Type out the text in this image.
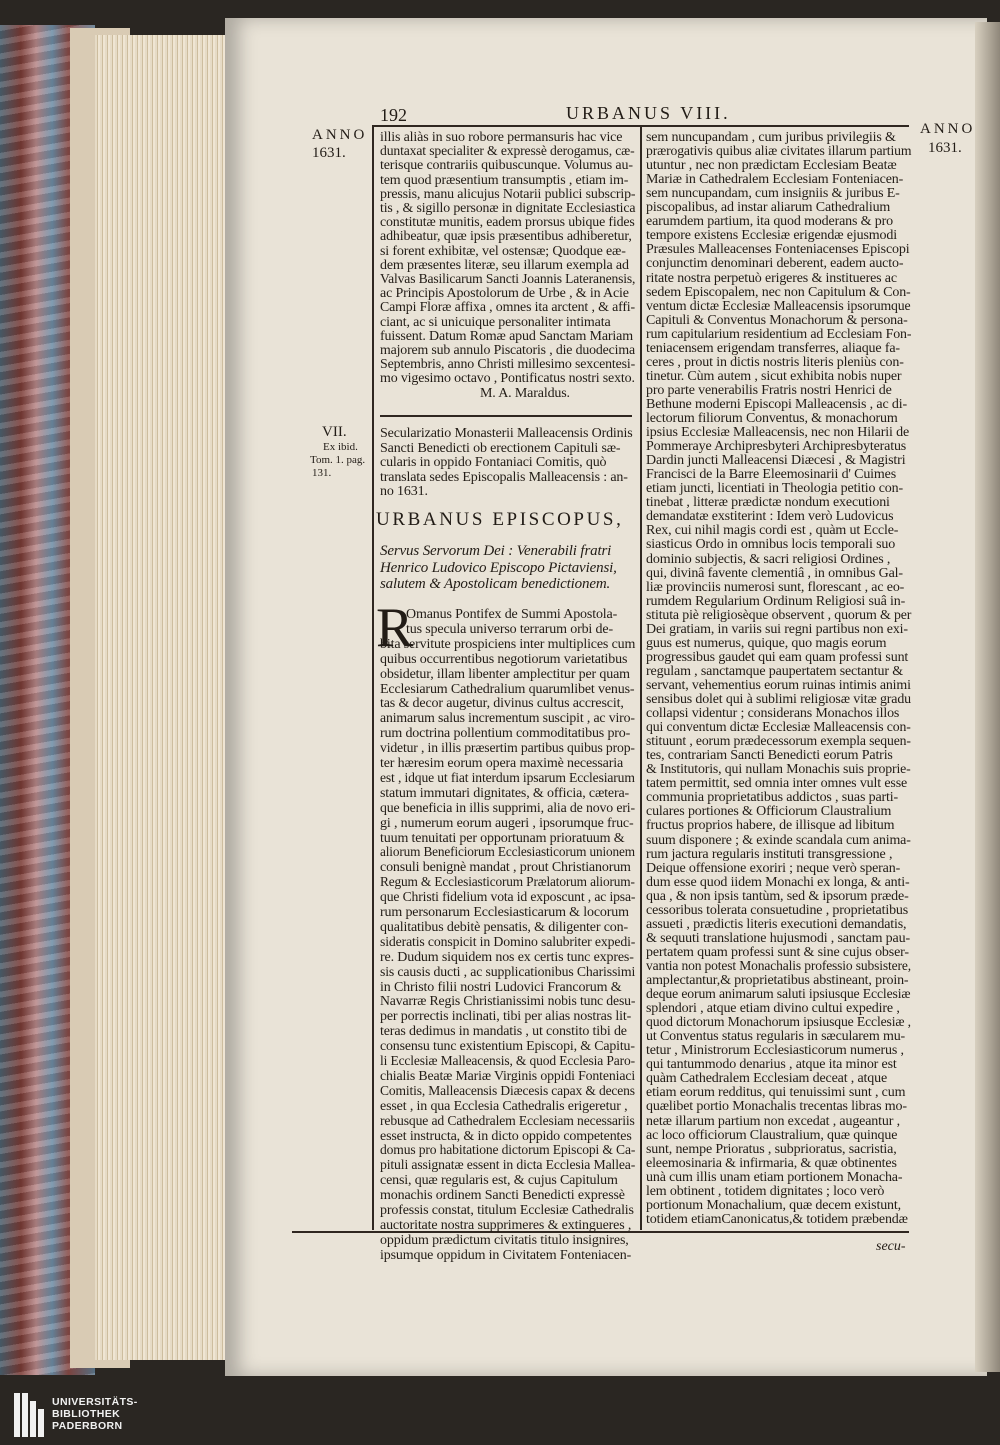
192	URBANUS VIII.
ANNO
1631.
ANNO
1631.
VII.
Ex ibid.
Tom. 1. pag.
131.
illis aliàs in suo robore permansuris hac vice
duntaxat specialiter & expressè derogamus, cæ-
terisque contrariis quibuscunque. Volumus au-
tem quod præsentium transumptis , etiam im-
pressis, manu alicujus Notarii publici subscrip-
tis , & sigillo personæ in dignitate Ecclesiastica
constitutæ munitis, eadem prorsus ubique fides
adhibeatur, quæ ipsis præsentibus adhiberetur,
si forent exhibitæ, vel ostensæ; Quodque eæ-
dem præsentes literæ, seu illarum exempla ad
Valvas Basilicarum Sancti Joannis Lateranensis,
ac Principis Apostolorum de Urbe , & in Acie
Campi Floræ affixa , omnes ita arctent , & affi-
ciant, ac si unicuique personaliter intimata
fuissent. Datum Romæ apud Sanctam Mariam
majorem sub annulo Piscatoris , die duodecima
Septembris, anno Christi millesimo sexcentesi-
mo vigesimo octavo , Pontificatus nostri sexto.
M. A. Maraldus.
Secularizatio Monasterii Malleacensis Ordinis
Sancti Benedicti ob erectionem Capituli sæ-
cularis in oppido Fontaniaci Comitis, quò
translata sedes Episcopalis Malleacensis : an-
no 1631.
URBANUS EPISCOPUS,
Servus Servorum Dei : Venerabili fratri
Henrico Ludovico Episcopo Pictaviensi,
salutem & Apostolicam benedictionem.
R
Omanus Pontifex de Summi Apostola-
tus specula universo terrarum orbi de-
bita servitute prospiciens inter multiplices cum
quibus occurrentibus negotiorum varietatibus
obsidetur, illam libenter amplectitur per quam
Ecclesiarum Cathedralium quarumlibet venus-
tas & decor augetur, divinus cultus accrescit,
animarum salus incrementum suscipit , ac viro-
rum doctrina pollentium commoditatibus pro-
videtur , in illis præsertim partibus quibus prop-
ter hæresim eorum opera maximè necessaria
est , idque ut fiat interdum ipsarum Ecclesiarum
statum immutari dignitates, & officia, cætera-
que beneficia in illis supprimi, alia de novo eri-
gi , numerum eorum augeri , ipsorumque fruc-
tuum tenuitati per opportunam prioratuum &
aliorum Beneficiorum Ecclesiasticorum unionem
consuli benignè mandat , prout Christianorum
Regum & Ecclesiasticorum Prælatorum aliorum-
que Christi fidelium vota id exposcunt , ac ipsa-
rum personarum Ecclesiasticarum & locorum
qualitatibus debitè pensatis, & diligenter con-
sideratis conspicit in Domino salubriter expedi-
re. Dudum siquidem nos ex certis tunc expres-
sis causis ducti , ac supplicationibus Charissimi
in Christo filii nostri Ludovici Francorum &
Navarræ Regis Christianissimi nobis tunc desu-
per porrectis inclinati, tibi per alias nostras lit-
teras dedimus in mandatis , ut constito tibi de
consensu tunc existentium Episcopi, & Capitu-
li Ecclesiæ Malleacensis, & quod Ecclesia Paro-
chialis Beatæ Mariæ Virginis oppidi Fonteniaci
Comitis, Malleacensis Diæcesis capax & decens
esset , in qua Ecclesia Cathedralis erigeretur ,
rebusque ad Cathedralem Ecclesiam necessariis
esset instructa, & in dicto oppido competentes
domus pro habitatione dictorum Episcopi & Ca-
pituli assignatæ essent in dicta Ecclesia Mallea-
censi, quæ regularis est, & cujus Capitulum
monachis ordinem Sancti Benedicti expressè
professis constat, titulum Ecclesiæ Cathedralis
auctoritate nostra supprimeres & extingueres ,
oppidum prædictum civitatis titulo insignires,
ipsumque oppidum in Civitatem Fonteniacen-
sem nuncupandam , cum juribus privilegiis &
prærogativis quibus aliæ civitates illarum partium
utuntur , nec non prædictam Ecclesiam Beatæ
Mariæ in Cathedralem Ecclesiam Fonteniacen-
sem nuncupandam, cum insigniis & juribus E-
piscopalibus, ad instar aliarum Cathedralium
earumdem partium, ita quod moderans & pro
tempore existens Ecclesiæ erigendæ ejusmodi
Præsules Malleacenses Fonteniacenses Episcopi
conjunctim denominari deberent, eadem aucto-
ritate nostra perpetuò erigeres & institueres ac
sedem Episcopalem, nec non Capitulum & Con-
ventum dictæ Ecclesiæ Malleacensis ipsorumque
Capituli & Conventus Monachorum & persona-
rum capitularium residentium ad Ecclesiam Fon-
teniacensem erigendam transferres, aliaque fa-
ceres , prout in dictis nostris literis pleniùs con-
tinetur. Cùm autem , sicut exhibita nobis nuper
pro parte venerabilis Fratris nostri Henrici de
Bethune moderni Episcopi Malleacensis , ac di-
lectorum filiorum Conventus, & monachorum
ipsius Ecclesiæ Malleacensis, nec non Hilarii de
Pommeraye Archipresbyteri Archipresbyteratus
Dardin juncti Malleacensi Diæcesi , & Magistri
Francisci de la Barre Eleemosinarii d' Cuimes
etiam juncti, licentiati in Theologia petitio con-
tinebat , litteræ prædictæ nondum executioni
demandatæ exstiterint : Idem verò Ludovicus
Rex, cui nihil magis cordi est , quàm ut Eccle-
siasticus Ordo in omnibus locis temporali suo
dominio subjectis, & sacri religiosi Ordines ,
qui, divinâ favente clementiâ , in omnibus Gal-
liæ provinciis numerosi sunt, florescant , ac eo-
rumdem Regularium Ordinum Religiosi suâ in-
stituta piè religiosèque observent , quorum & per
Dei gratiam, in variis sui regni partibus non exi-
guus est numerus, quique, quo magis eorum
progressibus gaudet qui eam quam professi sunt
regulam , sanctamque paupertatem sectantur &
servant, vehementius eorum ruinas intimis animi
sensibus dolet qui à sublimi religiosæ vitæ gradu
collapsi videntur ; considerans Monachos illos
qui conventum dictæ Ecclesiæ Malleacensis con-
stituunt , eorum prædecessorum exempla sequen-
tes, contrariam Sancti Benedicti eorum Patris
& Institutoris, qui nullam Monachis suis proprie-
tatem permittit, sed omnia inter omnes vult esse
communia proprietatibus addictos , suas parti-
culares portiones & Officiorum Claustralium
fructus proprios habere, de illisque ad libitum
suum disponere ; & exinde scandala cum anima-
rum jactura regularis instituti transgressione ,
Deique offensione exoriri ; neque verò speran-
dum esse quod iidem Monachi ex longa, & anti-
qua , & non ipsis tantùm, sed & ipsorum præde-
cessoribus tolerata consuetudine , proprietatibus
assueti , prædictis literis executioni demandatis,
& sequuti translatione hujusmodi , sanctam pau-
pertatem quam professi sunt & sine cujus obser-
vantia non potest Monachalis professio subsistere,
amplectantur,& proprietatibus abstineant, proin-
deque eorum animarum saluti ipsiusque Ecclesiæ
splendori , atque etiam divino cultui expedire ,
quod dictorum Monachorum ipsiusque Ecclesiæ ,
ut Conventus status regularis in sæcularem mu-
tetur , Ministrorum Ecclesiasticorum numerus ,
qui tantummodo denarius , atque ita minor est
quàm Cathedralem Ecclesiam deceat , atque
etiam eorum redditus, qui tenuissimi sunt , cum
quælibet portio Monachalis trecentas libras mo-
netæ illarum partium non excedat , augeantur ,
ac loco officiorum Claustralium, quæ quinque
sunt, nempe Prioratus , subprioratus, sacristia,
eleemosinaria & infirmaria, & quæ obtinentes
unà cum illis unam etiam portionem Monacha-
lem obtinent , totidem dignitates ; loco verò
portionum Monachalium, quæ decem existunt,
totidem etiamCanonicatus,& totidem præbendæ
secu-
UNIVERSITÄTS-
BIBLIOTHEK
PADERBORN
